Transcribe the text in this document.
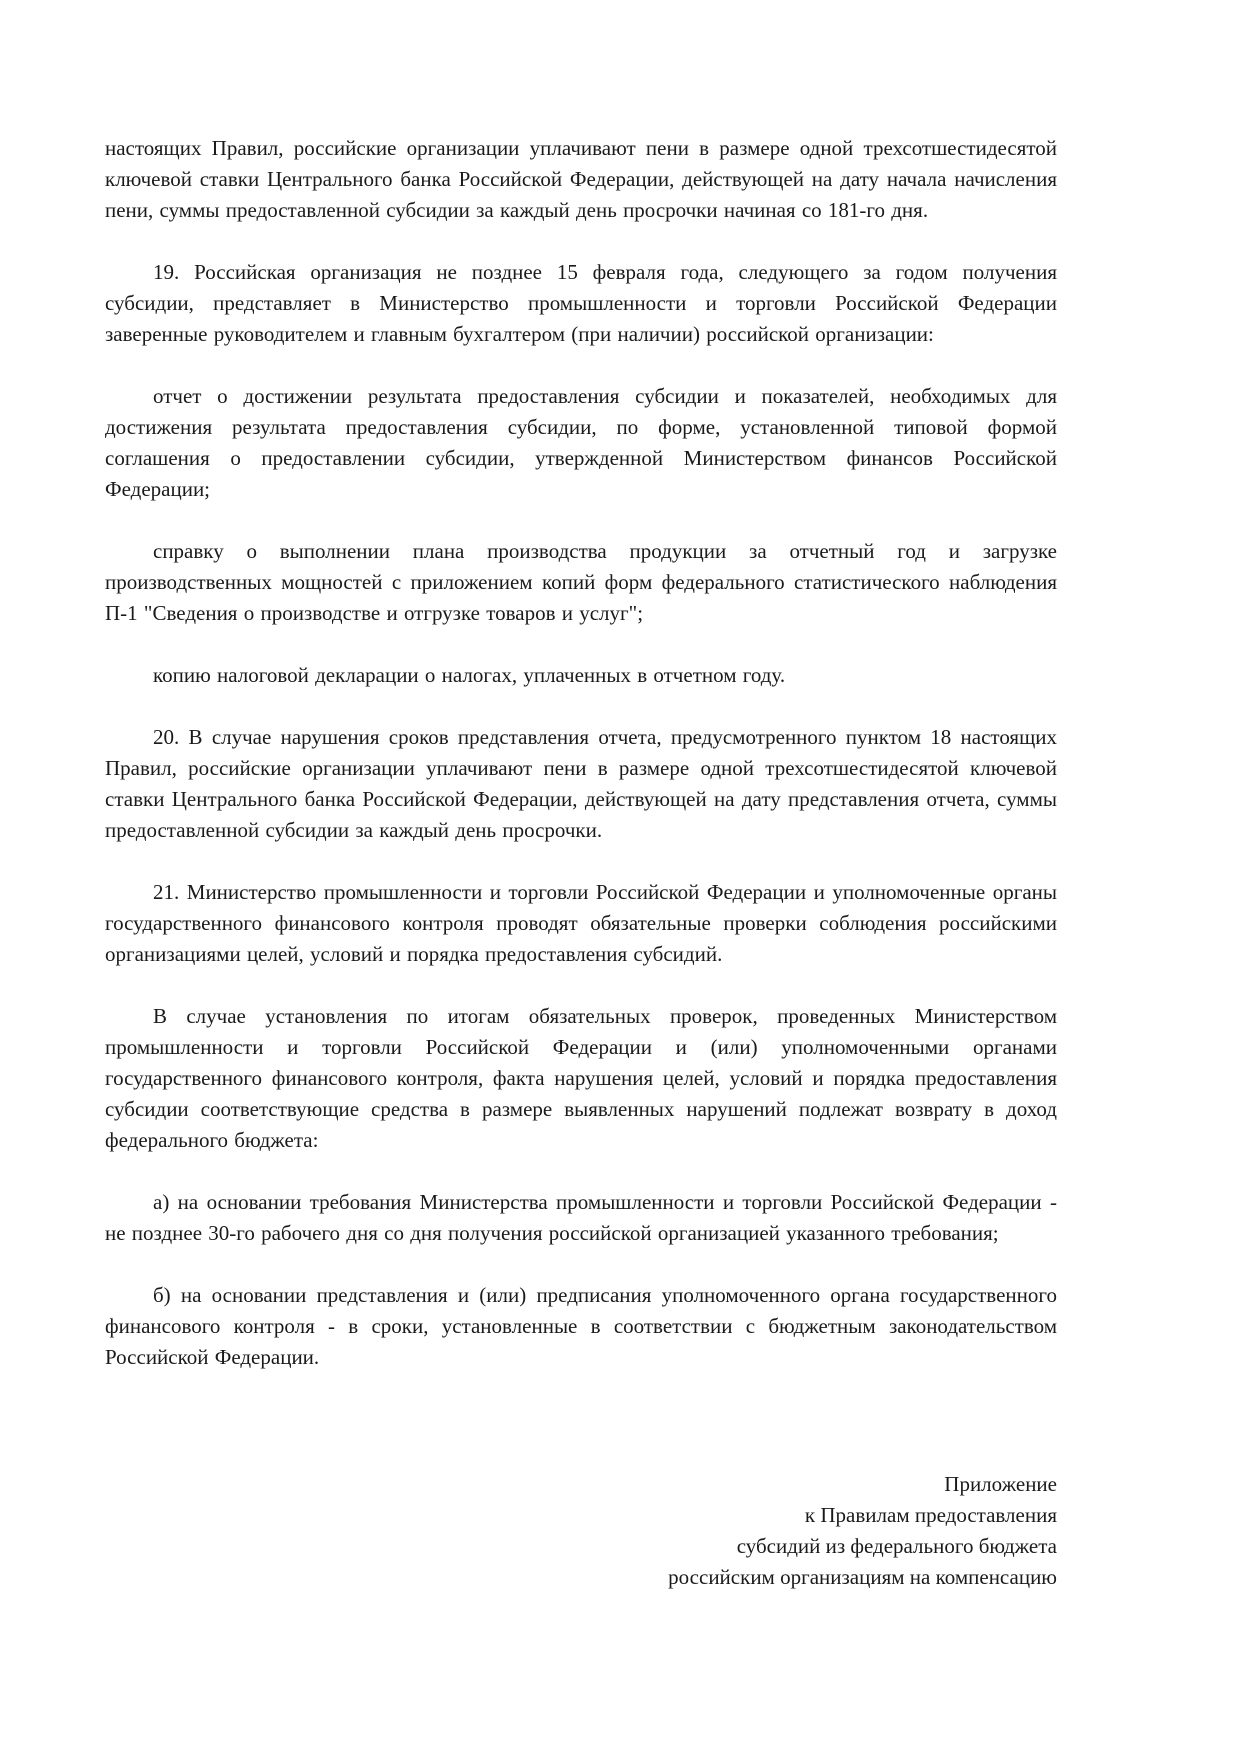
настоящих Правил, российские организации уплачивают пени в размере одной трехсотшестидесятой ключевой ставки Центрального банка Российской Федерации, действующей на дату начала начисления пени, суммы предоставленной субсидии за каждый день просрочки начиная со 181-го дня.

19. Российская организация не позднее 15 февраля года, следующего за годом получения субсидии, представляет в Министерство промышленности и торговли Российской Федерации заверенные руководителем и главным бухгалтером (при наличии) российской организации:

отчет о достижении результата предоставления субсидии и показателей, необходимых для достижения результата предоставления субсидии, по форме, установленной типовой формой соглашения о предоставлении субсидии, утвержденной Министерством финансов Российской Федерации;

справку о выполнении плана производства продукции за отчетный год и загрузке производственных мощностей с приложением копий форм федерального статистического наблюдения П-1 "Сведения о производстве и отгрузке товаров и услуг";

копию налоговой декларации о налогах, уплаченных в отчетном году.

20. В случае нарушения сроков представления отчета, предусмотренного пунктом 18 настоящих Правил, российские организации уплачивают пени в размере одной трехсотшестидесятой ключевой ставки Центрального банка Российской Федерации, действующей на дату представления отчета, суммы предоставленной субсидии за каждый день просрочки.

21. Министерство промышленности и торговли Российской Федерации и уполномоченные органы государственного финансового контроля проводят обязательные проверки соблюдения российскими организациями целей, условий и порядка предоставления субсидий.

В случае установления по итогам обязательных проверок, проведенных Министерством промышленности и торговли Российской Федерации и (или) уполномоченными органами государственного финансового контроля, факта нарушения целей, условий и порядка предоставления субсидии соответствующие средства в размере выявленных нарушений подлежат возврату в доход федерального бюджета:

а) на основании требования Министерства промышленности и торговли Российской Федерации - не позднее 30-го рабочего дня со дня получения российской организацией указанного требования;

б) на основании представления и (или) предписания уполномоченного органа государственного финансового контроля - в сроки, установленные в соответствии с бюджетным законодательством Российской Федерации.

Приложение
к Правилам предоставления
субсидий из федерального бюджета
российским организациям на компенсацию
